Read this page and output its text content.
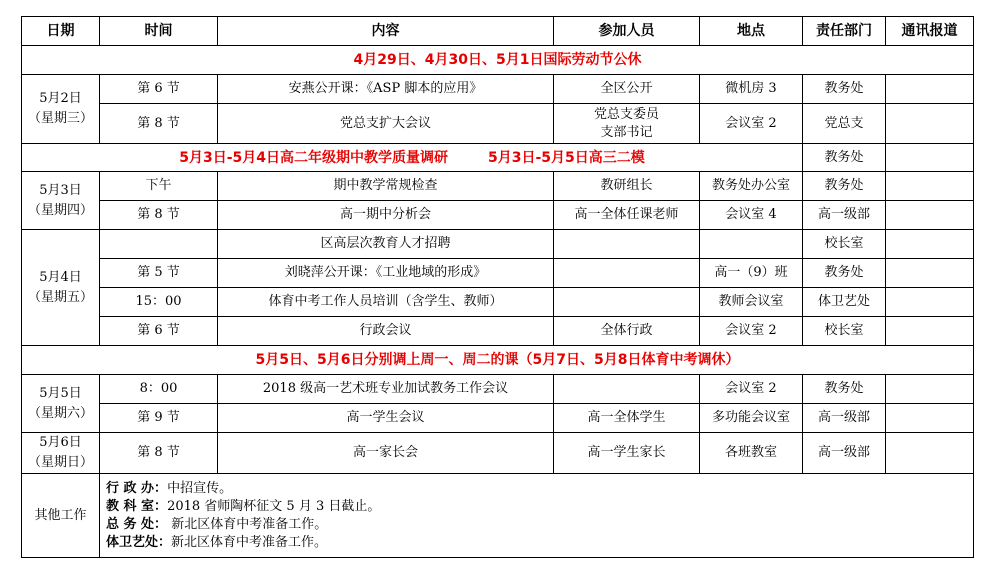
日期	时间	内容	参加人员	地点	责任部门	通讯报道
4月29日、4月30日、5月1日国际劳动节公休						

5月2日
（星期三）	第 6 节	安燕公开课：《ASP 脚本的应用》	全区公开	微机房 3	教务处	
	第 8 节	党总支扩大会议	党总支委员
支部书记	会议室 2	党总支	
5月3日-5月4日高二年级期中教学质量调研 5月3日-5月5日高三二模					教务处	

5月3日
（星期四）	下午	期中教学常规检查	教研组长	教务处办公室	教务处	
	第 8 节	高一期中分析会	高一全体任课老师	会议室 4	高一级部	

5月4日
（星期五）		区高层次教育人才招聘			校长室	
	第 5 节	刘晓萍公开课：《工业地域的形成》		高一（9）班	教务处	
	15：00	体育中考工作人员培训（含学生、教师）		教师会议室	体卫艺处	
	第 6 节	行政会议	全体行政	会议室 2	校长室	
5月5日、5月6日分别调上周一、周二的课（5月7日、5月8日体育中考调休）						

5月5日
（星期六）	8：00	2018 级高一艺术班专业加试教务工作会议		会议室 2	教务处	
	第 9 节	高一学生会议	高一全体学生	多功能会议室	高一级部	

5月6日
（星期日）	第 8 节	高一家长会	高一学生家长	各班教室	高一级部	
其他工作	行 政 办：中招宣传。
教 科 室：2018 省师陶杯征文 5 月 3 日截止。
总 务 处： 新北区体育中考准备工作。
体卫艺处：新北区体育中考准备工作。					
